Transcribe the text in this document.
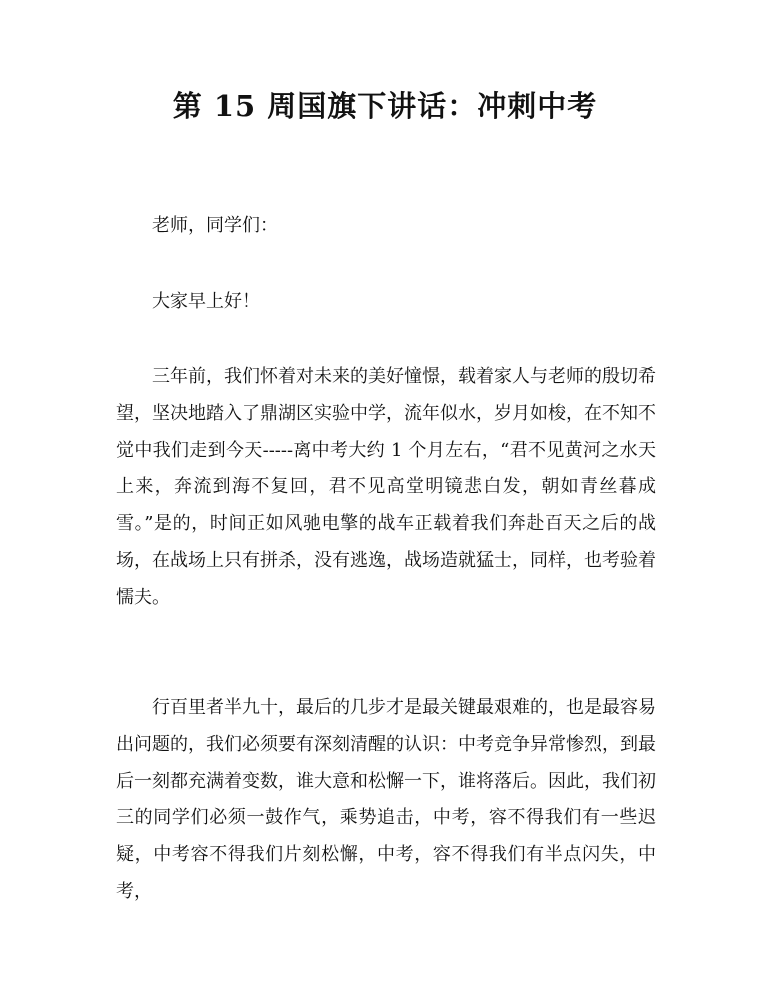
第 15 周国旗下讲话：冲刺中考

老师，同学们：

大家早上好！

三年前，我们怀着对未来的美好憧憬，载着家人与老师的殷切希望，坚决地踏入了鼎湖区实验中学，流年似水，岁月如梭，在不知不觉中我们走到今天-----离中考大约 1 个月左右，“君不见黄河之水天上来，奔流到海不复回，君不见高堂明镜悲白发，朝如青丝暮成雪。”是的，时间正如风驰电擎的战车正载着我们奔赴百天之后的战场，在战场上只有拼杀，没有逃逸，战场造就猛士，同样，也考验着懦夫。

行百里者半九十，最后的几步才是最关键最艰难的，也是最容易出问题的，我们必须要有深刻清醒的认识：中考竞争异常惨烈，到最后一刻都充满着变数，谁大意和松懈一下，谁将落后。因此，我们初三的同学们必须一鼓作气，乘势追击，中考，容不得我们有一些迟疑，中考容不得我们片刻松懈，中考，容不得我们有半点闪失，中考，
